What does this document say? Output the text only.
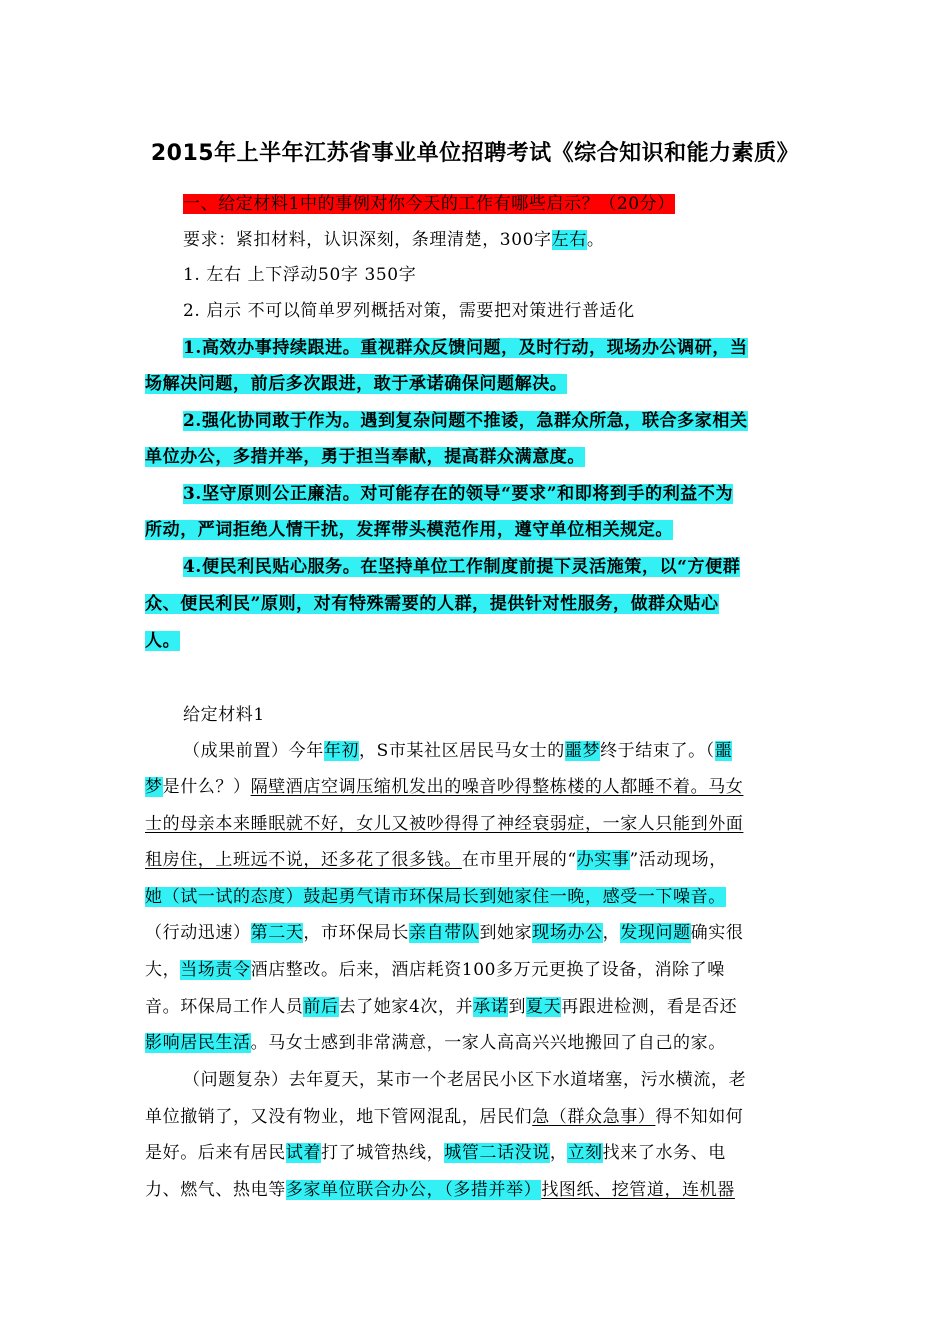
2015年上半年江苏省事业单位招聘考试《综合知识和能力素质》
一、给定材料1中的事例对你今天的工作有哪些启示？（20分）
要求：紧扣材料，认识深刻，条理清楚，300字左右。
1. 左右 上下浮动50字 350字
2. 启示 不可以简单罗列概括对策，需要把对策进行普适化
1.高效办事持续跟进。重视群众反馈问题，及时行动，现场办公调研，当
场解决问题，前后多次跟进，敢于承诺确保问题解决。
2.强化协同敢于作为。遇到复杂问题不推诿，急群众所急，联合多家相关
单位办公，多措并举，勇于担当奉献，提高群众满意度。
3.坚守原则公正廉洁。对可能存在的领导“要求”和即将到手的利益不为
所动，严词拒绝人情干扰，发挥带头模范作用，遵守单位相关规定。
4.便民利民贴心服务。在坚持单位工作制度前提下灵活施策，以“方便群
众、便民利民”原则，对有特殊需要的人群，提供针对性服务，做群众贴心
人。
给定材料1
（成果前置）今年年初，S市某社区居民马女士的噩梦终于结束了。（噩
梦是什么？）隔壁酒店空调压缩机发出的噪音吵得整栋楼的人都睡不着。马女
士的母亲本来睡眠就不好，女儿又被吵得得了神经衰弱症，一家人只能到外面
租房住，上班远不说，还多花了很多钱。在市里开展的“办实事”活动现场，
她（试一试的态度）鼓起勇气请市环保局长到她家住一晚，感受一下噪音。
（行动迅速）第二天，市环保局长亲自带队到她家现场办公，发现问题确实很
大，当场责令酒店整改。后来，酒店耗资100多万元更换了设备，消除了噪
音。环保局工作人员前后去了她家4次，并承诺到夏天再跟进检测，看是否还
影响居民生活。马女士感到非常满意，一家人高高兴兴地搬回了自己的家。
（问题复杂）去年夏天，某市一个老居民小区下水道堵塞，污水横流，老
单位撤销了，又没有物业，地下管网混乱，居民们急（群众急事）得不知如何
是好。后来有居民试着打了城管热线，城管二话没说，立刻找来了水务、电
力、燃气、热电等多家单位联合办公，（多措并举）找图纸、挖管道，连机器
